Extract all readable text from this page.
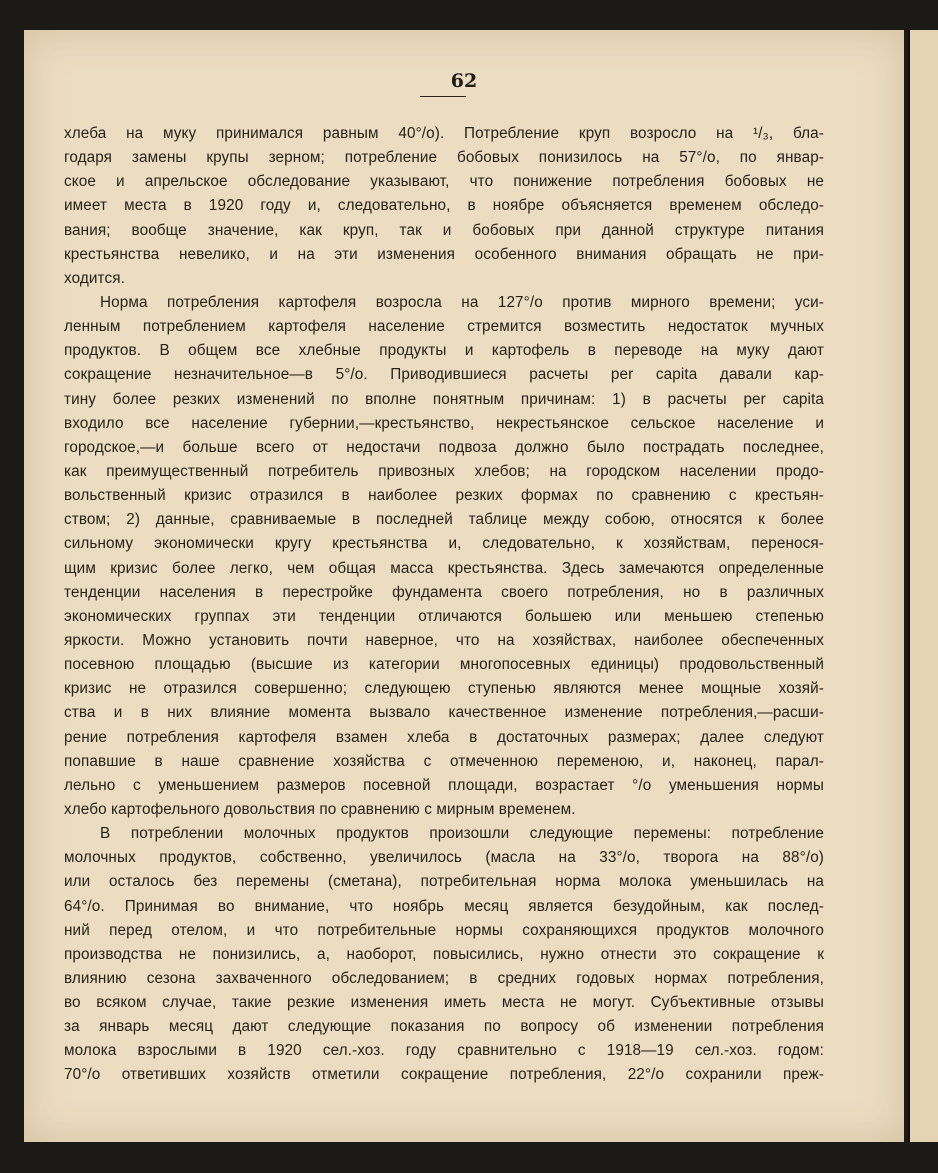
62
хлеба на муку принимался равным 40°/о). Потребление круп возросло на ¹/₃, бла-
годаря замены крупы зерном; потребление бобовых понизилось на 57°/о, по январ-
ское и апрельское обследование указывают, что понижение потребления бобовых не
имеет места в 1920 году и, следовательно, в ноябре объясняется временем обследо-
вания; вообще значение, как круп, так и бобовых при данной структуре питания
крестьянства невелико, и на эти изменения особенного внимания обращать не при-
ходится.
Норма потребления картофеля возросла на 127°/о против мирного времени; уси-
ленным потреблением картофеля население стремится возместить недостаток мучных
продуктов. В общем все хлебные продукты и картофель в переводе на муку дают
сокращение незначительное—в 5°/о. Приводившиеся расчеты per capita давали кар-
тину более резких изменений по вполне понятным причинам: 1) в расчеты per capita
входило все население губернии,—крестьянство, некрестьянское сельское население и
городское,—и больше всего от недостачи подвоза должно было пострадать последнее,
как преимущественный потребитель привозных хлебов; на городском населении продо-
вольственный кризис отразился в наиболее резких формах по сравнению с крестьян-
ством; 2) данные, сравниваемые в последней таблице между собою, относятся к более
сильному экономически кругу крестьянства и, следовательно, к хозяйствам, перенося-
щим кризис более легко, чем общая масса крестьянства. Здесь замечаются определенные
тенденции населения в перестройке фундамента своего потребления, но в различных
экономических группах эти тенденции отличаются большею или меньшею степенью
яркости. Можно установить почти наверное, что на хозяйствах, наиболее обеспеченных
посевною площадью (высшие из категории многопосевных единицы) продовольственный
кризис не отразился совершенно; следующею ступенью являются менее мощные хозяй-
ства и в них влияние момента вызвало качественное изменение потребления,—расши-
рение потребления картофеля взамен хлеба в достаточных размерах; далее следуют
попавшие в наше сравнение хозяйства с отмеченною переменою, и, наконец, парал-
лельно с уменьшением размеров посевной площади, возрастает °/о уменьшения нормы
хлебо картофельного довольствия по сравнению с мирным временем.
В потреблении молочных продуктов произошли следующие перемены: потребление
молочных продуктов, собственно, увеличилось (масла на 33°/о, творога на 88°/о)
или осталось без перемены (сметана), потребительная норма молока уменьшилась на
64°/о. Принимая во внимание, что ноябрь месяц является безудойным, как послед-
ний перед отелом, и что потребительные нормы сохраняющихся продуктов молочного
производства не понизились, а, наоборот, повысились, нужно отнести это сокращение к
влиянию сезона захваченного обследованием; в средних годовых нормах потребления,
во всяком случае, такие резкие изменения иметь места не могут. Субъективные отзывы
за январь месяц дают следующие показания по вопросу об изменении потребления
молока взрослыми в 1920 сел.-хоз. году сравнительно с 1918—19 сел.-хоз. годом:
70°/о ответивших хозяйств отметили сокращение потребления, 22°/о сохранили преж-
